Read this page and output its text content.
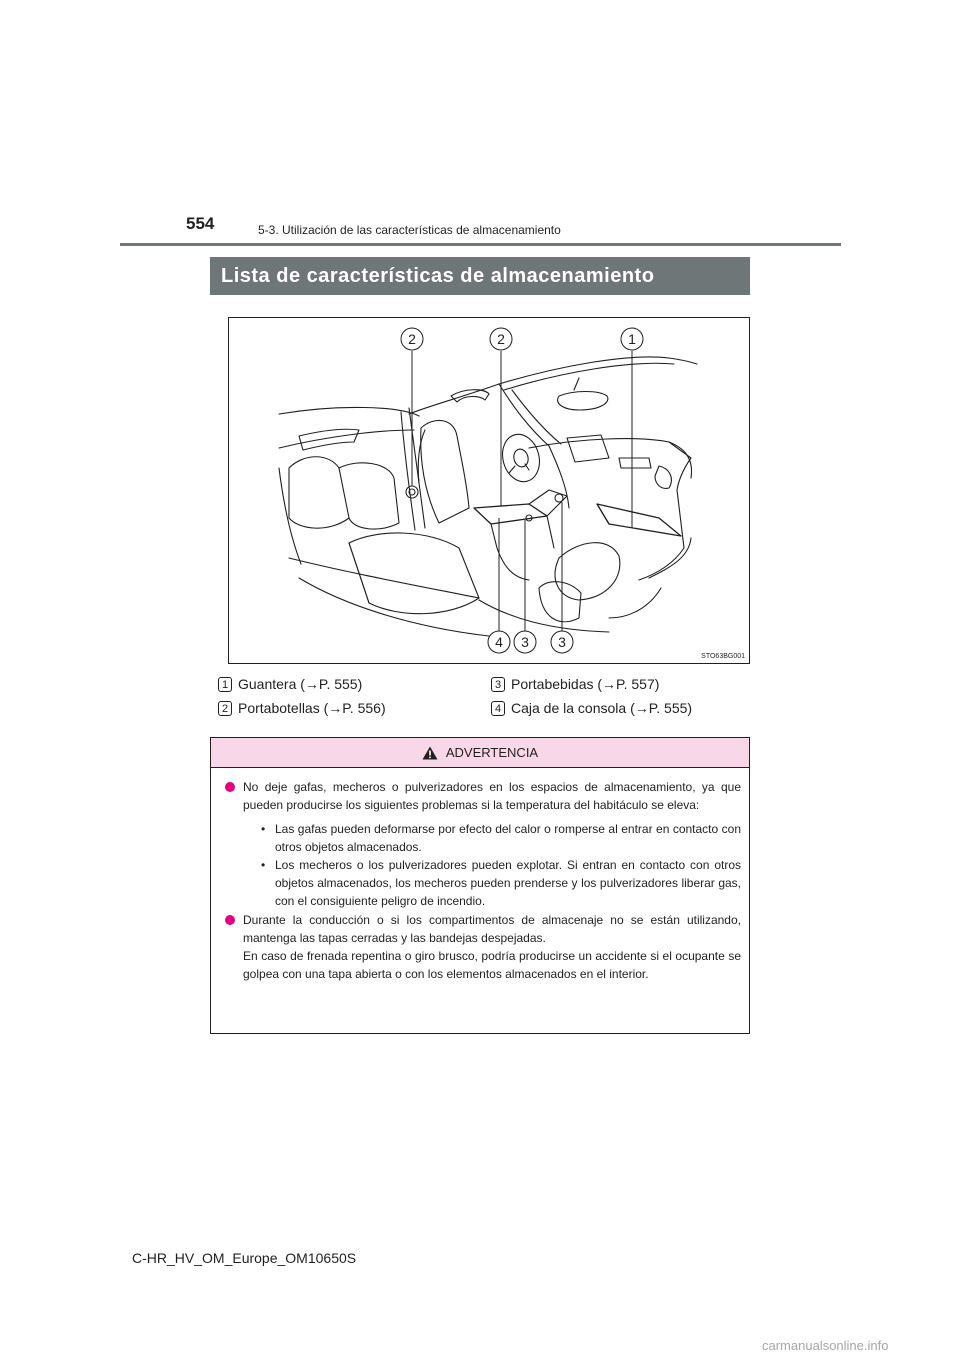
554	5-3. Utilización de las características de almacenamiento
Lista de características de almacenamiento
2	2	1
4 3 3
STO63BG001
1 Guantera (→P. 555)
2 Portabotellas (→P. 556)
3 Portabebidas (→P. 557)
4 Caja de la consola (→P. 555)
ADVERTENCIA
No deje gafas, mecheros o pulverizadores en los espacios de almacenamiento, ya que pueden producirse los siguientes problemas si la temperatura del habitáculo se eleva:
• Las gafas pueden deformarse por efecto del calor o romperse al entrar en contacto con otros objetos almacenados.
• Los mecheros o los pulverizadores pueden explotar. Si entran en contacto con otros objetos almacenados, los mecheros pueden prenderse y los pulverizadores liberar gas, con el consiguiente peligro de incendio.
Durante la conducción o si los compartimentos de almacenaje no se están utilizando, mantenga las tapas cerradas y las bandejas despejadas.
En caso de frenada repentina o giro brusco, podría producirse un accidente si el ocupante se golpea con una tapa abierta o con los elementos almacenados en el interior.
C-HR_HV_OM_Europe_OM10650S
carmanualsonline.info
